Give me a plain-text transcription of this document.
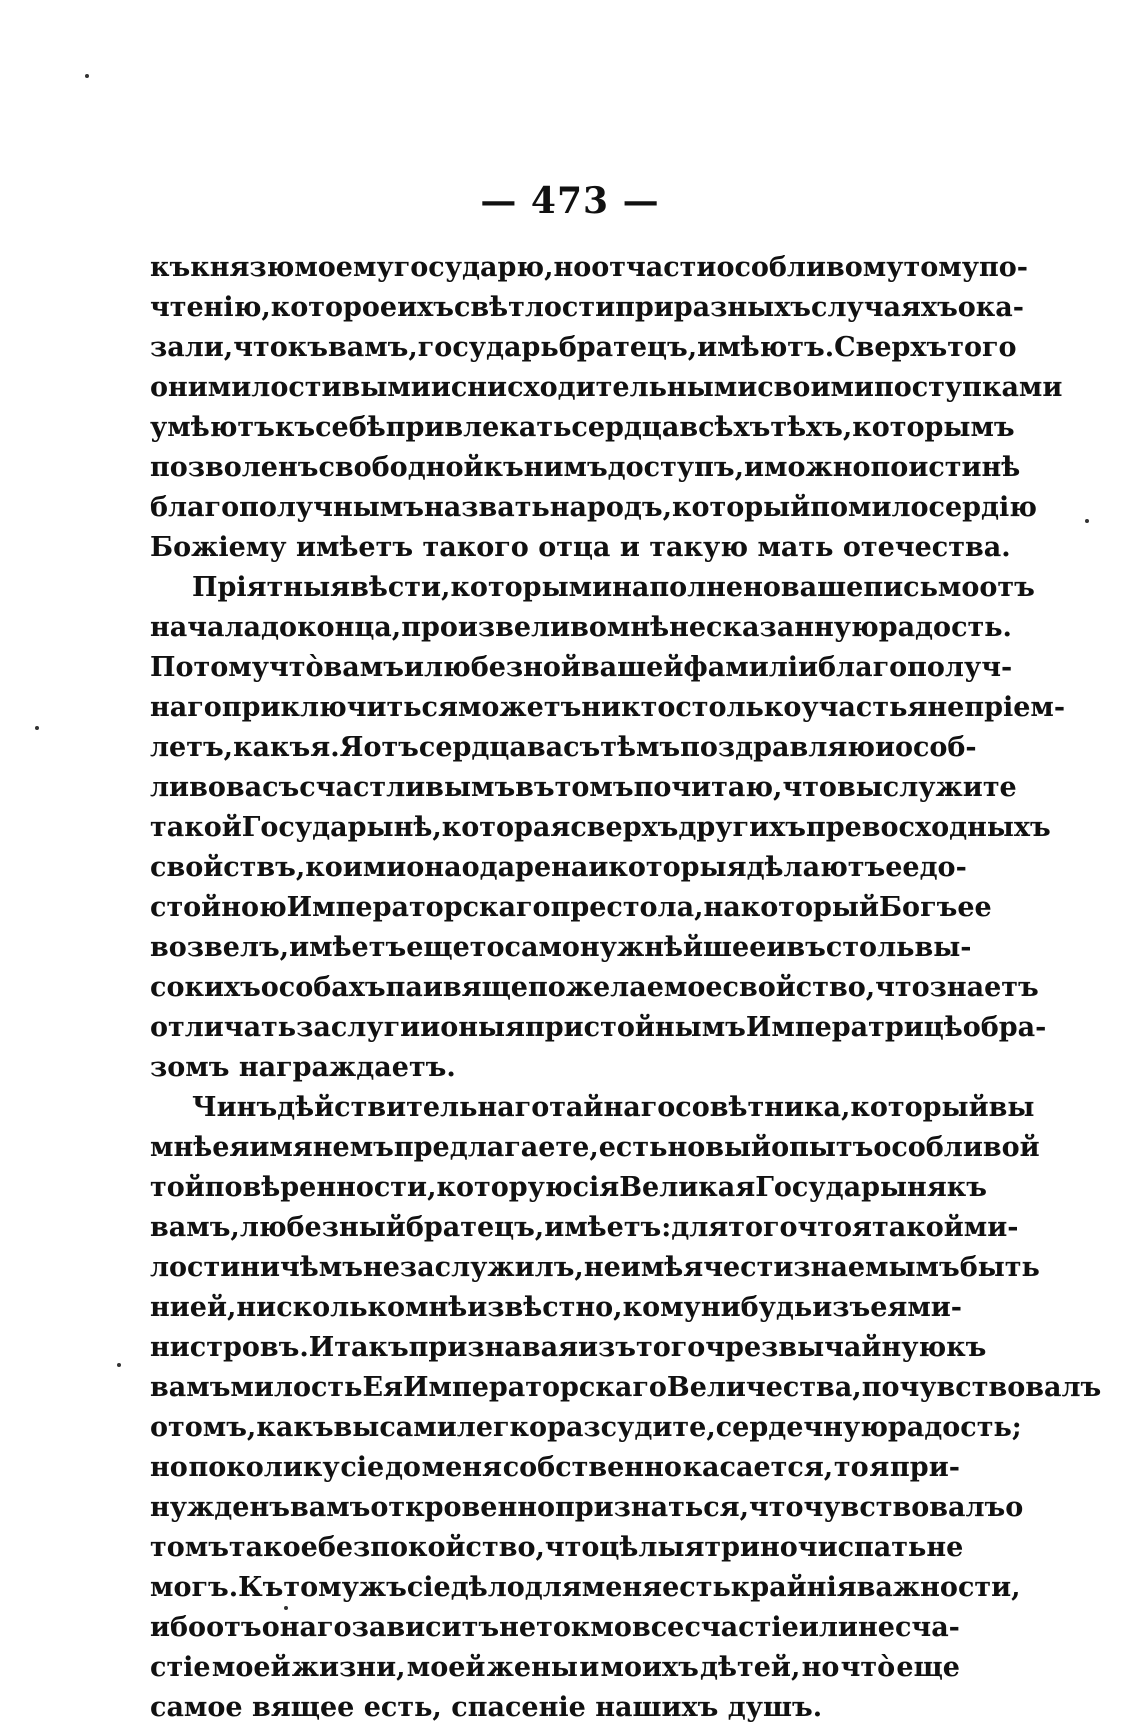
— 473 —
къ князю моему государю, но отчасти особливому тому по-
чтенію, которое ихъ свѣтлости при разныхъ случаяхъ ока-
зали, что къ вамъ, государь братецъ, имѣютъ. Сверхъ того
они милостивыми и снисходительными своими поступками
умѣютъ къ себѣ привлекать сердца всѣхъ тѣхъ, которымъ
позволенъ свободной къ нимъ доступъ, и можно по истинѣ
благополучнымъ назвать народъ, который по милосердію
Божіему имѣетъ такого отца и такую мать отечества.
Пріятныя вѣсти, которыми наполнено ваше письмо отъ
начала до конца, произвели во мнѣ несказанную радость.
По тому что̀ вамъ и любезной вашей фамиліи благополуч-
наго приключиться можетъ никто столько участья не пріем-
летъ, какъ я. Я отъ сердца васъ тѣмъ поздравляю и особ-
ливо васъ счастливымъ въ томъ почитаю, что вы служите
такой Государынѣ, которая сверхъ другихъ превосходныхъ
свойствъ, коими она одарена и которыя дѣлаютъ ее до-
стойною Императорскаго престола, на который Богъ ее
возвелъ, имѣетъ еще то самонужнѣйшее и въ столь вы-
сокихъ особахъ паивяще пожелаемое свойство, что знаетъ
отличать заслуги и оныя пристойнымъ Императрицѣ обра-
зомъ награждаетъ.
Чинъ дѣйствительнаго тайнаго совѣтника, который вы
мнѣ ея имянемъ предлагаете, есть новый опытъ особливой
той повѣренности, которую сія Великая Государыня къ
вамъ, любезный братецъ, имѣетъ: для того что я такой ми-
лости ничѣмъ не заслужилъ, не имѣя чести знаемымъ быть
ни ей, ни сколько мнѣ извѣстно, кому нибудь изъ ея ми-
нистровъ. И такъ признавая изъ того чрезвычайную къ
вамъ милость Ея Императорскаго Величества, почувствовалъ
о томъ, какъ вы сами легко разсудите, сердечную радость;
но поколику сіе до меня собственно касается, то я при-
нужденъ вамъ откровенно признаться, что чувствовалъ о
томъ такое безпокойство, что цѣлыя три ночи спать не
могъ. Къ томужъ сіе дѣло для меня есть крайнія важности,
ибо отъ онаго зависитъ не токмо все счастіе или несча-
стіе моей жизни, моей жены и моихъ дѣтей, но что̀ еще
самое вящее есть, спасеніе нашихъ душъ.
